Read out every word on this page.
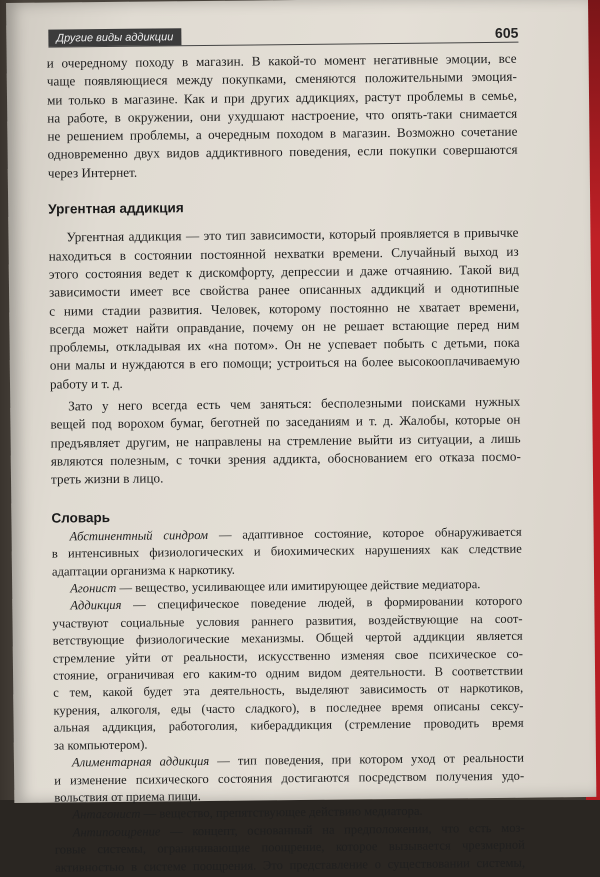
Другие виды аддикции	605
и очередному походу в магазин. В какой-то момент негативные эмоции, все
чаще появляющиеся между покупками, сменяются положительными эмоция-
ми только в магазине. Как и при других аддикциях, растут проблемы в семье,
на работе, в окружении, они ухудшают настроение, что опять-таки снимается
не решением проблемы, а очередным походом в магазин. Возможно сочетание
одновременно двух видов аддиктивного поведения, если покупки совершаются
через Интернет.
Ургентная аддикция
Ургентная аддикция — это тип зависимости, который проявляется в привычке
находиться в состоянии постоянной нехватки времени. Случайный выход из
этого состояния ведет к дискомфорту, депрессии и даже отчаянию. Такой вид
зависимости имеет все свойства ранее описанных аддикций и однотипные
с ними стадии развития. Человек, которому постоянно не хватает времени,
всегда может найти оправдание, почему он не решает встающие перед ним
проблемы, откладывая их «на потом». Он не успевает побыть с детьми, пока
они малы и нуждаются в его помощи; устроиться на более высокооплачиваемую
работу и т. д.
Зато у него всегда есть чем заняться: бесполезными поисками нужных
вещей под ворохом бумаг, беготней по заседаниям и т. д. Жалобы, которые он
предъявляет другим, не направлены на стремление выйти из ситуации, а лишь
являются полезным, с точки зрения аддикта, обоснованием его отказа посмо-
треть жизни в лицо.
Словарь
Абстинентный синдром — адаптивное состояние, которое обнаруживается
в интенсивных физиологических и биохимических нарушениях как следствие
адаптации организма к наркотику.
Агонист — вещество, усиливающее или имитирующее действие медиатора.
Аддикция — специфическое поведение людей, в формировании которого
участвуют социальные условия раннего развития, воздействующие на соот-
ветствующие физиологические механизмы. Общей чертой аддикции является
стремление уйти от реальности, искусственно изменяя свое психическое со-
стояние, ограничивая его каким-то одним видом деятельности. В соответствии
с тем, какой будет эта деятельность, выделяют зависимость от наркотиков,
курения, алкоголя, еды (часто сладкого), в последнее время описаны сексу-
альная аддикция, работоголия, кибераддикция (стремление проводить время
за компьютером).
Алиментарная аддикция — тип поведения, при котором уход от реальности
и изменение психического состояния достигаются посредством получения удо-
вольствия от приема пищи.
Антагонист — вещество, препятствующее действию медиатора.
Антипоощрение — концепт, основанный на предположении, что есть моз-
говые системы, ограничивающие поощрение, которое вызывается чрезмерной
активностью в системе поощрения. Это представление о существовании системы,
